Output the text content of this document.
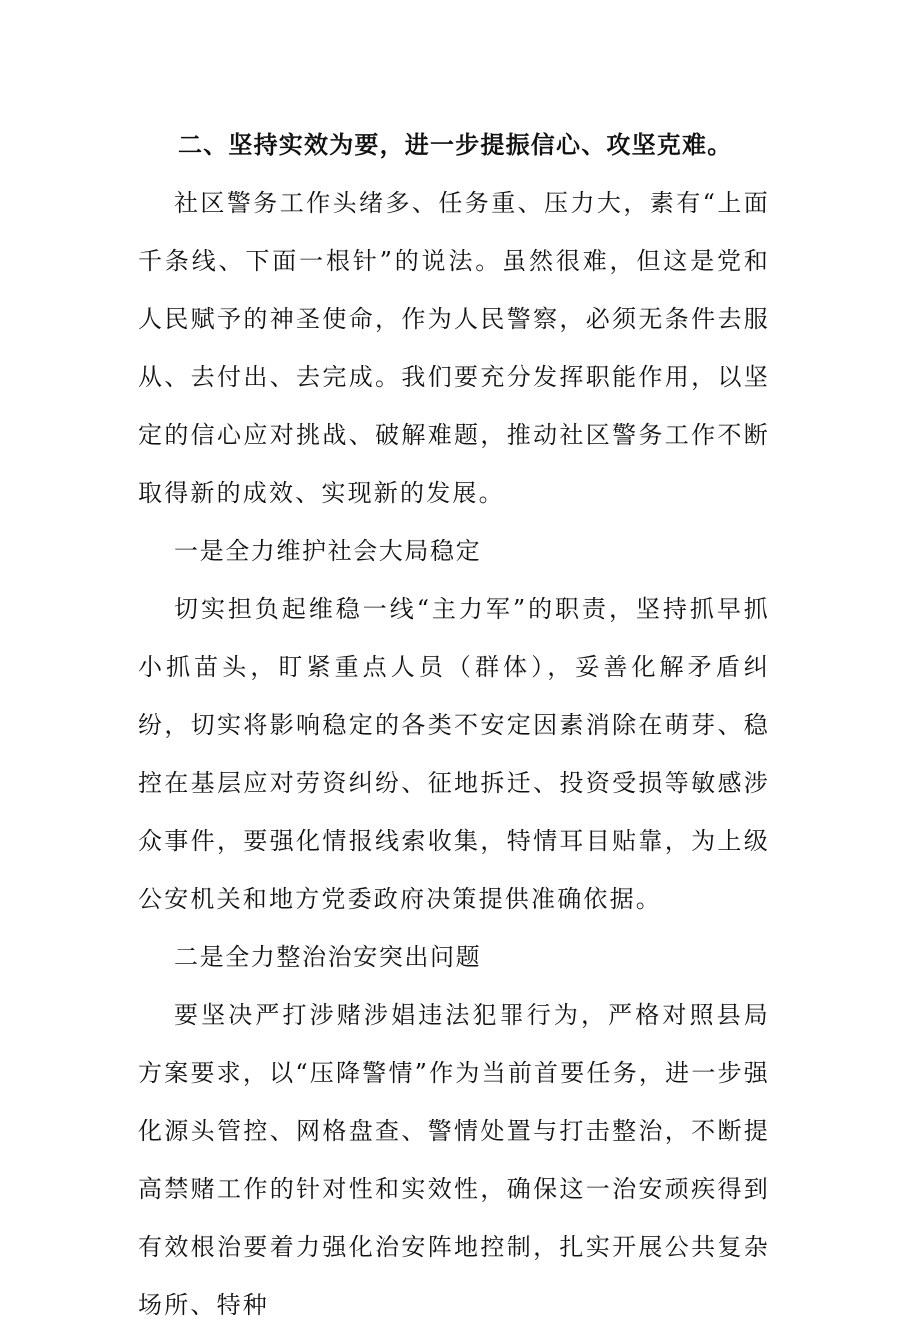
二、坚持实效为要，进一步提振信心、攻坚克难。

社区警务工作头绪多、任务重、压力大，素有“上面千条线、下面一根针”的说法。虽然很难，但这是党和人民赋予的神圣使命，作为人民警察，必须无条件去服从、去付出、去完成。我们要充分发挥职能作用，以坚定的信心应对挑战、破解难题，推动社区警务工作不断取得新的成效、实现新的发展。

一是全力维护社会大局稳定

切实担负起维稳一线“主力军”的职责，坚持抓早抓小抓苗头，盯紧重点人员（群体），妥善化解矛盾纠纷，切实将影响稳定的各类不安定因素消除在萌芽、稳控在基层应对劳资纠纷、征地拆迁、投资受损等敏感涉众事件，要强化情报线索收集，特情耳目贴靠，为上级公安机关和地方党委政府决策提供准确依据。

二是全力整治治安突出问题

要坚决严打涉赌涉娼违法犯罪行为，严格对照县局方案要求，以“压降警情”作为当前首要任务，进一步强化源头管控、网格盘查、警情处置与打击整治，不断提高禁赌工作的针对性和实效性，确保这一治安顽疾得到有效根治要着力强化治安阵地控制，扎实开展公共复杂场所、特种
